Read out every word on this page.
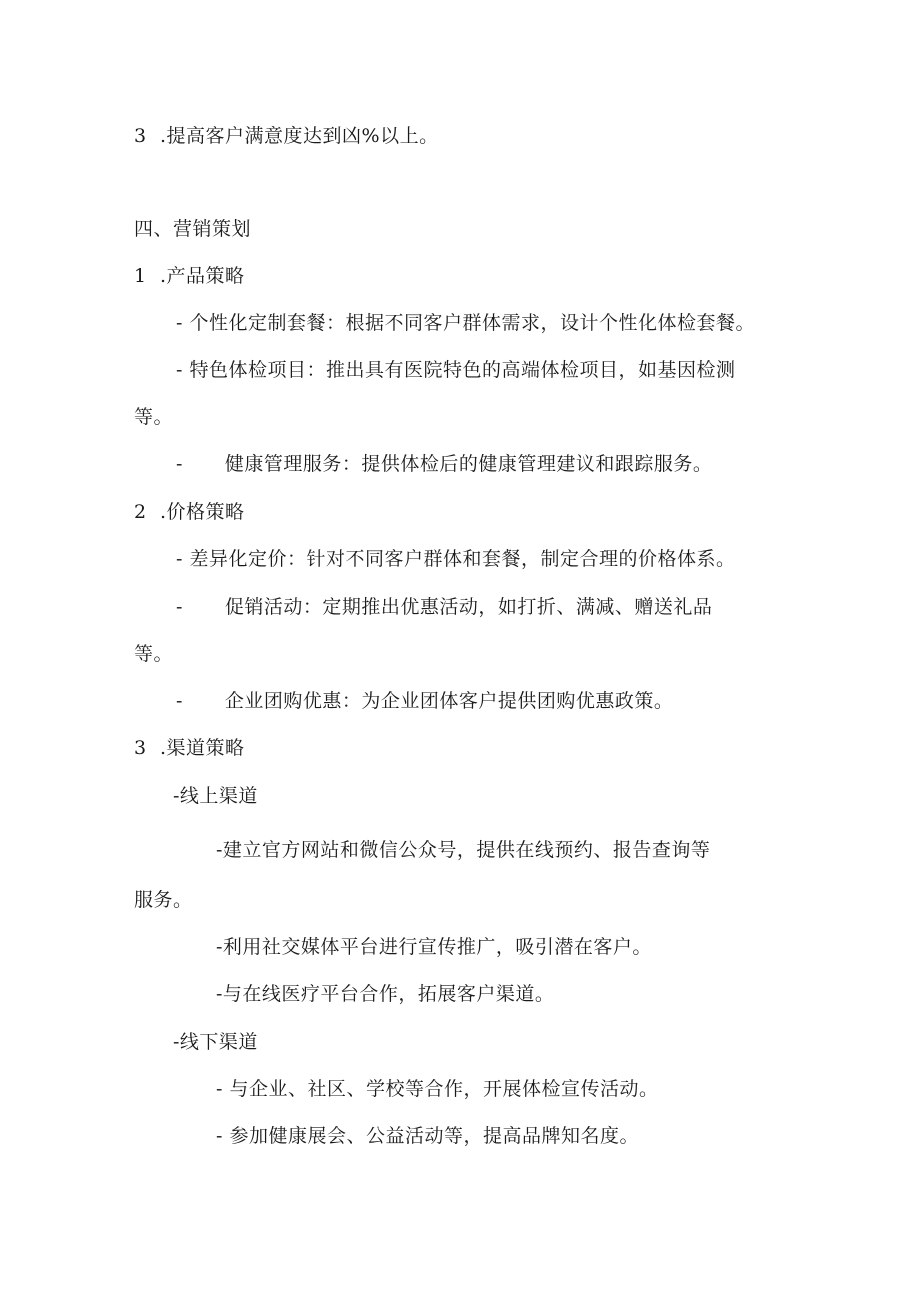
3 .提高客户满意度达到凶%以上。
四、营销策划
1 .产品策略
- 个性化定制套餐：根据不同客户群体需求，设计个性化体检套餐。
- 特色体检项目：推出具有医院特色的高端体检项目，如基因检测
等。
- 健康管理服务：提供体检后的健康管理建议和跟踪服务。
2 .价格策略
- 差异化定价：针对不同客户群体和套餐，制定合理的价格体系。
- 促销活动：定期推出优惠活动，如打折、满减、赠送礼品
等。
- 企业团购优惠：为企业团体客户提供团购优惠政策。
3 .渠道策略
-线上渠道
-建立官方网站和微信公众号，提供在线预约、报告查询等
服务。
-利用社交媒体平台进行宣传推广，吸引潜在客户。
-与在线医疗平台合作，拓展客户渠道。
-线下渠道
- 与企业、社区、学校等合作，开展体检宣传活动。
- 参加健康展会、公益活动等，提高品牌知名度。
